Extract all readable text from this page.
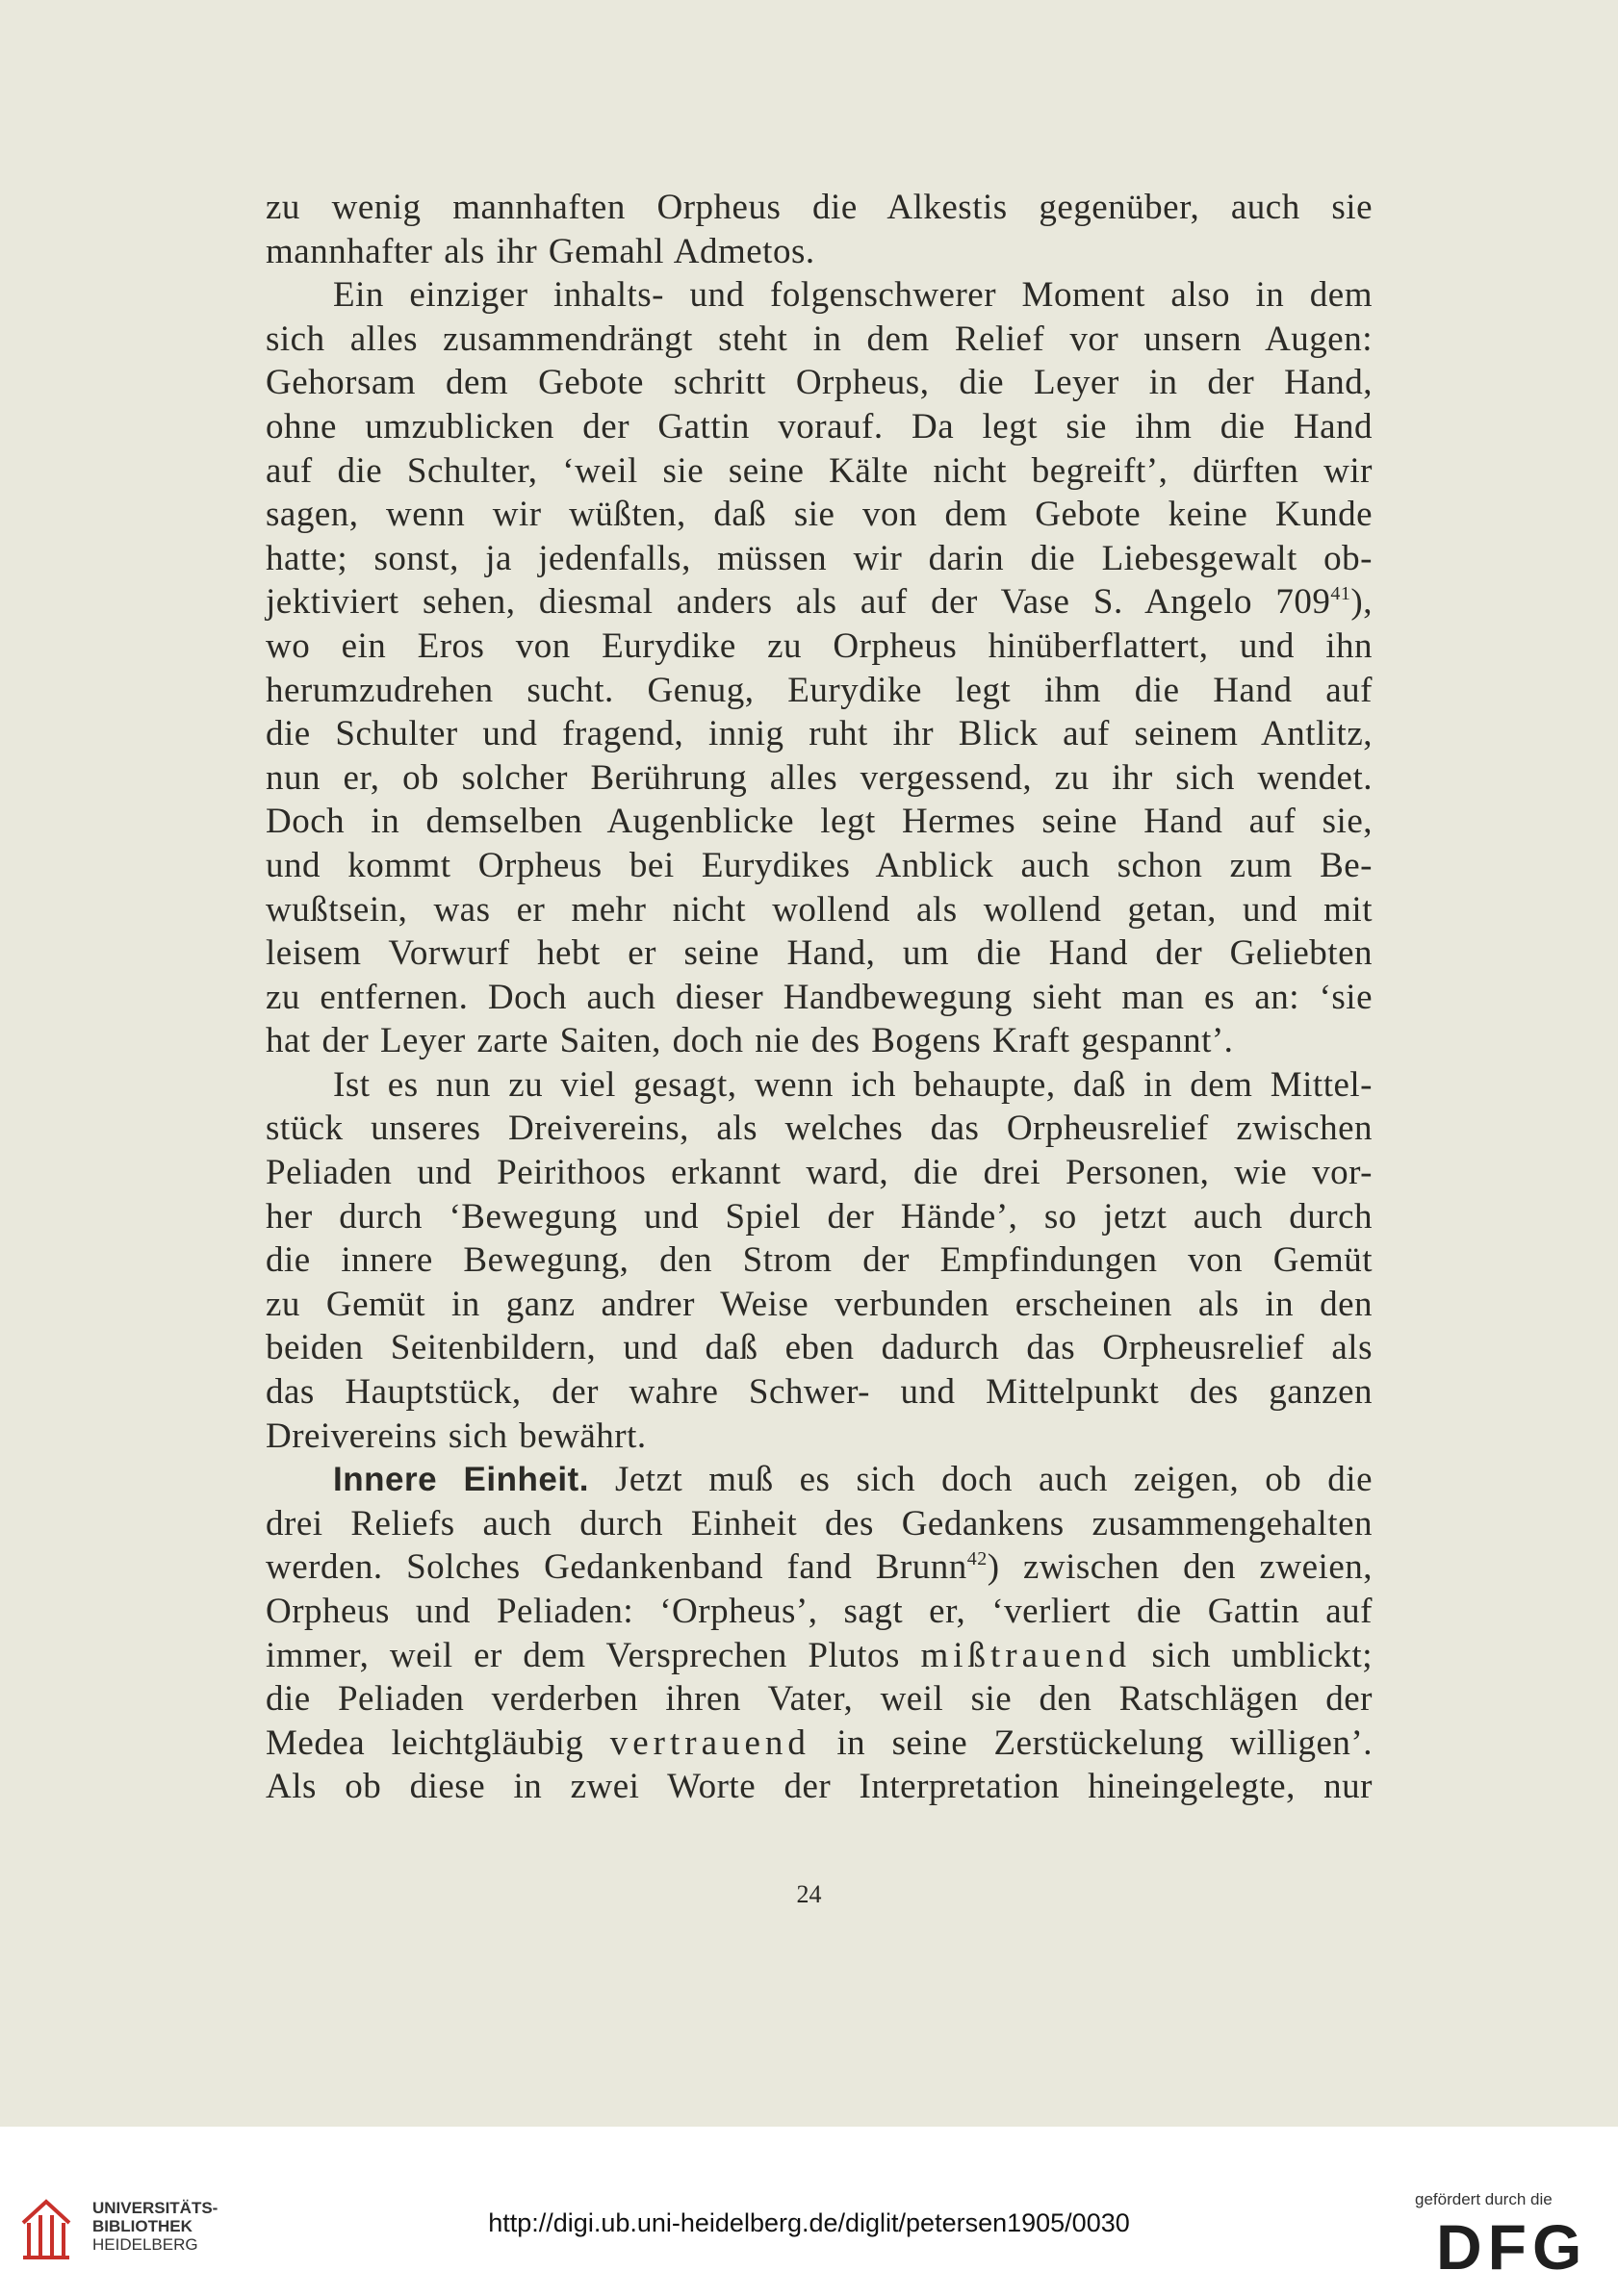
zu wenig mannhaften Orpheus die Alkestis gegenüber, auch sie
mannhafter als ihr Gemahl Admetos.
Ein einziger inhalts- und folgenschwerer Moment also in dem
sich alles zusammendrängt steht in dem Relief vor unsern Augen:
Gehorsam dem Gebote schritt Orpheus, die Leyer in der Hand,
ohne umzublicken der Gattin vorauf. Da legt sie ihm die Hand
auf die Schulter, ‘weil sie seine Kälte nicht begreift’, dürften wir
sagen, wenn wir wüßten, daß sie von dem Gebote keine Kunde
hatte; sonst, ja jedenfalls, müssen wir darin die Liebesgewalt ob-
jektiviert sehen, diesmal anders als auf der Vase S. Angelo $709^{41}$),
wo ein Eros von Eurydike zu Orpheus hinüberflattert, und ihn
herumzudrehen sucht. Genug, Eurydike legt ihm die Hand auf
die Schulter und fragend, innig ruht ihr Blick auf seinem Antlitz,
nun er, ob solcher Berührung alles vergessend, zu ihr sich wendet.
Doch in demselben Augenblicke legt Hermes seine Hand auf sie,
und kommt Orpheus bei Eurydikes Anblick auch schon zum Be-
wußtsein, was er mehr nicht wollend als wollend getan, und mit
leisem Vorwurf hebt er seine Hand, um die Hand der Geliebten
zu entfernen. Doch auch dieser Handbewegung sieht man es an: ‘sie
hat der Leyer zarte Saiten, doch nie des Bogens Kraft gespannt’.
Ist es nun zu viel gesagt, wenn ich behaupte, daß in dem Mittel-
stück unseres Dreivereins, als welches das Orpheusrelief zwischen
Peliaden und Peirithoos erkannt ward, die drei Personen, wie vor-
her durch ‘Bewegung und Spiel der Hände’, so jetzt auch durch
die innere Bewegung, den Strom der Empfindungen von Gemüt
zu Gemüt in ganz andrer Weise verbunden erscheinen als in den
beiden Seitenbildern, und daß eben dadurch das Orpheusrelief als
das Hauptstück, der wahre Schwer- und Mittelpunkt des ganzen
Dreivereins sich bewährt.
Innere Einheit. Jetzt muß es sich doch auch zeigen, ob die
drei Reliefs auch durch Einheit des Gedankens zusammengehalten
werden. Solches Gedankenband fand Brunn$^{42}$) zwischen den zweien,
Orpheus und Peliaden: ‘Orpheus’, sagt er, ‘verliert die Gattin auf
immer, weil er dem Versprechen Plutos mißtrauend sich umblickt;
die Peliaden verderben ihren Vater, weil sie den Ratschlägen der
Medea leichtgläubig vertrauend in seine Zerstückelung willigen’.
Als ob diese in zwei Worte der Interpretation hineingelegte, nur
24
UNIVERSITÄTS-
BIBLIOTHEK
HEIDELBERG
http://digi.ub.uni-heidelberg.de/diglit/petersen1905/0030
gefördert durch die
DFG
